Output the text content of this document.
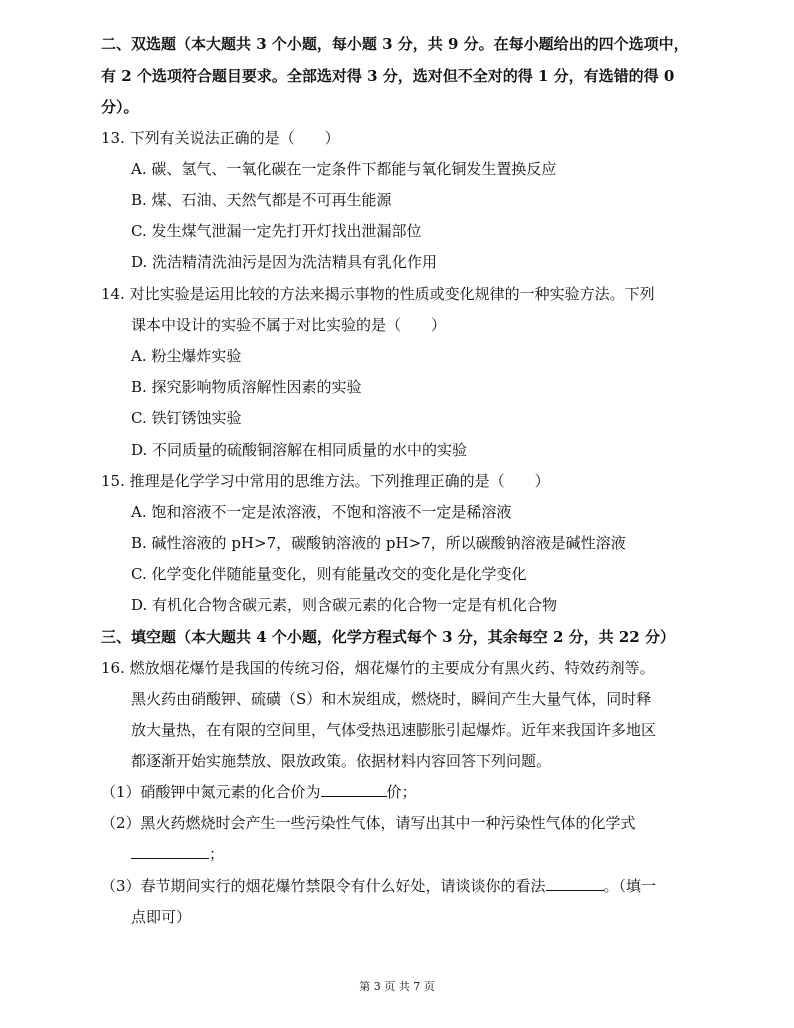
二、双选题（本大题共 3 个小题，每小题 3 分，共 9 分。在每小题给出的四个选项中，
有 2 个选项符合题目要求。全部选对得 3 分，选对但不全对的得 1 分，有选错的得 0
分）。
13. 下列有关说法正确的是（　　）
A. 碳、氢气、一氧化碳在一定条件下都能与氧化铜发生置换反应
B. 煤、石油、天然气都是不可再生能源
C. 发生煤气泄漏一定先打开灯找出泄漏部位
D. 洗洁精清洗油污是因为洗洁精具有乳化作用
14. 对比实验是运用比较的方法来揭示事物的性质或变化规律的一种实验方法。下列
课本中设计的实验不属于对比实验的是（　　）
A. 粉尘爆炸实验
B. 探究影响物质溶解性因素的实验
C. 铁钉锈蚀实验
D. 不同质量的硫酸铜溶解在相同质量的水中的实验
15. 推理是化学学习中常用的思维方法。下列推理正确的是（　　）
A. 饱和溶液不一定是浓溶液，不饱和溶液不一定是稀溶液
B. 碱性溶液的 pH>7，碳酸钠溶液的 pH>7，所以碳酸钠溶液是碱性溶液
C. 化学变化伴随能量变化，则有能量改交的变化是化学变化
D. 有机化合物含碳元素，则含碳元素的化合物一定是有机化合物
三、填空题（本大题共 4 个小题，化学方程式每个 3 分，其余每空 2 分，共 22 分）
16. 燃放烟花爆竹是我国的传统习俗，烟花爆竹的主要成分有黑火药、特效药剂等。
黑火药由硝酸钾、硫磺（S）和木炭组成，燃烧时，瞬间产生大量气体，同时释
放大量热，在有限的空间里，气体受热迅速膨胀引起爆炸。近年来我国许多地区
都逐渐开始实施禁放、限放政策。依据材料内容回答下列问题。
（1）硝酸钾中氮元素的化合价为	价；
（2）黑火药燃烧时会产生一些污染性气体，请写出其中一种污染性气体的化学式
；
（3）春节期间实行的烟花爆竹禁限令有什么好处，请谈谈你的看法	。（填一
点即可）
第 3 页 共 7 页
